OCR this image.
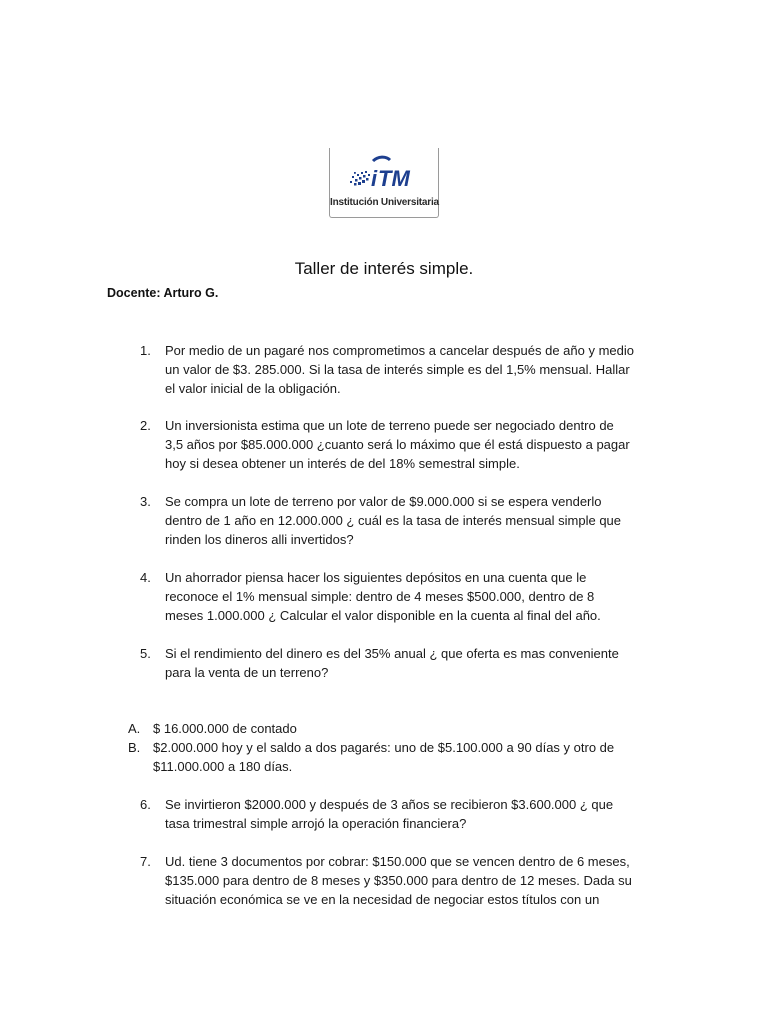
i TM
Institución Universitaria
Taller de interés simple.
Docente: Arturo G.
1. Por medio de un pagaré nos comprometimos a cancelar después de año y medio
un valor de $3. 285.000. Si la tasa de interés simple es del 1,5% mensual. Hallar
el valor inicial de la obligación.
2. Un inversionista estima que un lote de terreno puede ser negociado dentro de
3,5 años por $85.000.000 ¿cuanto será lo máximo que él está dispuesto a pagar
hoy si desea obtener un interés de del 18% semestral simple.
3. Se compra un lote de terreno por valor de $9.000.000 si se espera venderlo
dentro de 1 año en 12.000.000 ¿ cuál es la tasa de interés mensual simple que
rinden los dineros alli invertidos?
4. Un ahorrador piensa hacer los siguientes depósitos en una cuenta que le
reconoce el 1% mensual simple: dentro de 4 meses $500.000, dentro de 8
meses 1.000.000 ¿ Calcular el valor disponible en la cuenta al final del año.
5. Si el rendimiento del dinero es del 35% anual ¿ que oferta es mas conveniente
para la venta de un terreno?
A. $ 16.000.000 de contado
B. $2.000.000 hoy y el saldo a dos pagarés: uno de $5.100.000 a 90 días y otro de
$11.000.000 a 180 días.
6. Se invirtieron $2000.000 y después de 3 años se recibieron $3.600.000 ¿ que
tasa trimestral simple arrojó la operación financiera?
7. Ud. tiene 3 documentos por cobrar: $150.000 que se vencen dentro de 6 meses,
$135.000 para dentro de 8 meses y $350.000 para dentro de 12 meses. Dada su
situación económica se ve en la necesidad de negociar estos títulos con un
